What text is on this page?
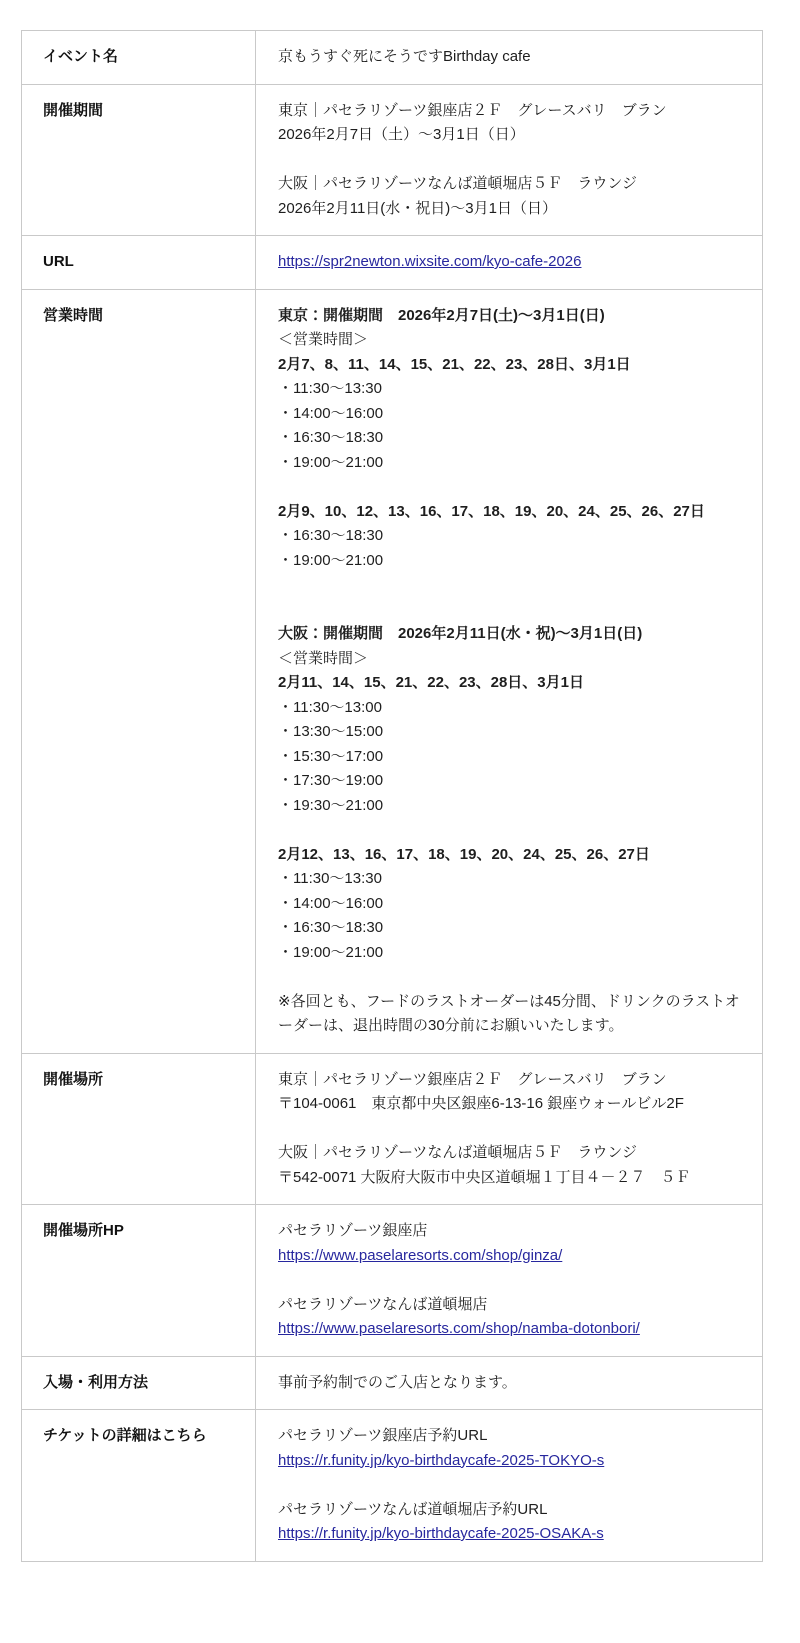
イベント名	京もうすぐ死にそうですBirthday cafe

開催期間	東京｜パセラリゾーツ銀座店２Ｆ　グレースバリ　ブラン
2026年2月7日（土）～3月1日（日）

大阪｜パセラリゾーツなんば道頓堀店５Ｆ　ラウンジ
2026年2月11日(水・祝日)～3月1日（日）

URL	https://spr2newton.wixsite.com/kyo-cafe-2026

営業時間	東京：開催期間　2026年2月7日(土)～3月1日(日)
＜営業時間＞
2月7、8、11、14、15、21、22、23、28日、3月1日
・11:30～13:30
・14:00～16:00
・16:30～18:30
・19:00～21:00

2月9、10、12、13、16、17、18、19、20、24、25、26、27日
・16:30～18:30
・19:00～21:00

大阪：開催期間　2026年2月11日(水・祝)～3月1日(日)
＜営業時間＞
2月11、14、15、21、22、23、28日、3月1日
・11:30～13:00
・13:30～15:00
・15:30～17:00
・17:30～19:00
・19:30～21:00

2月12、13、16、17、18、19、20、24、25、26、27日
・11:30～13:30
・14:00～16:00
・16:30～18:30
・19:00～21:00

※各回とも、フードのラストオーダーは45分間、ドリンクのラストオーダーは、退出時間の30分前にお願いいたします。

開催場所	東京｜パセラリゾーツ銀座店２Ｆ　グレースバリ　ブラン
〒104-0061　東京都中央区銀座6-13-16 銀座ウォールビル2F

大阪｜パセラリゾーツなんば道頓堀店５Ｆ　ラウンジ
〒542-0071 大阪府大阪市中央区道頓堀１丁目４－２７　５Ｆ

開催場所HP	パセラリゾーツ銀座店
https://www.paselaresorts.com/shop/ginza/

パセラリゾーツなんば道頓堀店
https://www.paselaresorts.com/shop/namba-dotonbori/

入場・利用方法	事前予約制でのご入店となります。

チケットの詳細はこちら	パセラリゾーツ銀座店予約URL
https://r.funity.jp/kyo-birthdaycafe-2025-TOKYO-s

パセラリゾーツなんば道頓堀店予約URL
https://r.funity.jp/kyo-birthdaycafe-2025-OSAKA-s
